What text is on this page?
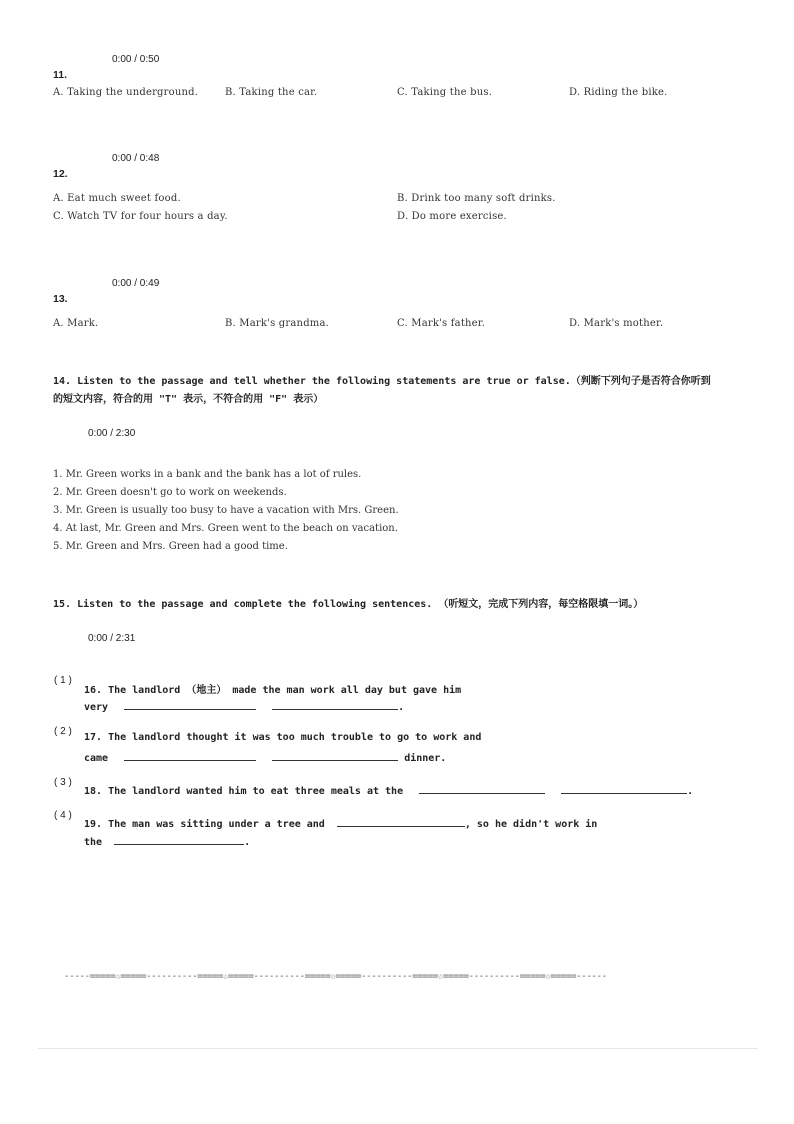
0:00 / 0:50
11.
A. Taking the underground.	B. Taking the car.	C. Taking the bus.	D. Riding the bike.
0:00 / 0:48
12.
A. Eat much sweet food.	B. Drink too many soft drinks.
C. Watch TV for four hours a day.	D. Do more exercise.
0:00 / 0:49
13.
A. Mark.	B. Mark's grandma.	C. Mark's father.	D. Mark's mother.
14. Listen to the passage and tell whether the following statements are true or false.（判断下列句子是否符合你听到
的短文内容，符合的用 "T" 表示，不符合的用 "F" 表示）
0:00 / 2:30
1. Mr. Green works in a bank and the bank has a lot of rules.
2. Mr. Green doesn't go to work on weekends.
3. Mr. Green is usually too busy to have a vacation with Mrs. Green.
4. At last, Mr. Green and Mrs. Green went to the beach on vacation.
5. Mr. Green and Mrs. Green had a good time.
15. Listen to the passage and complete the following sentences. （听短文，完成下列内容，每空格限填一词。）
0:00 / 2:31
( 1 )
16. The landlord （地主） made the man work all day but gave him
very	.
( 2 )
17. The landlord thought it was too much trouble to go to work and
came	dinner.
( 3 )
18. The landlord wanted him to eat three meals at the	.
( 4 )
19. The man was sitting under a tree and	, so he didn't work in
the	.
-----=====☆=====----------=====☆=====----------=====☆=====----------=====☆=====----------=====☆=====------
